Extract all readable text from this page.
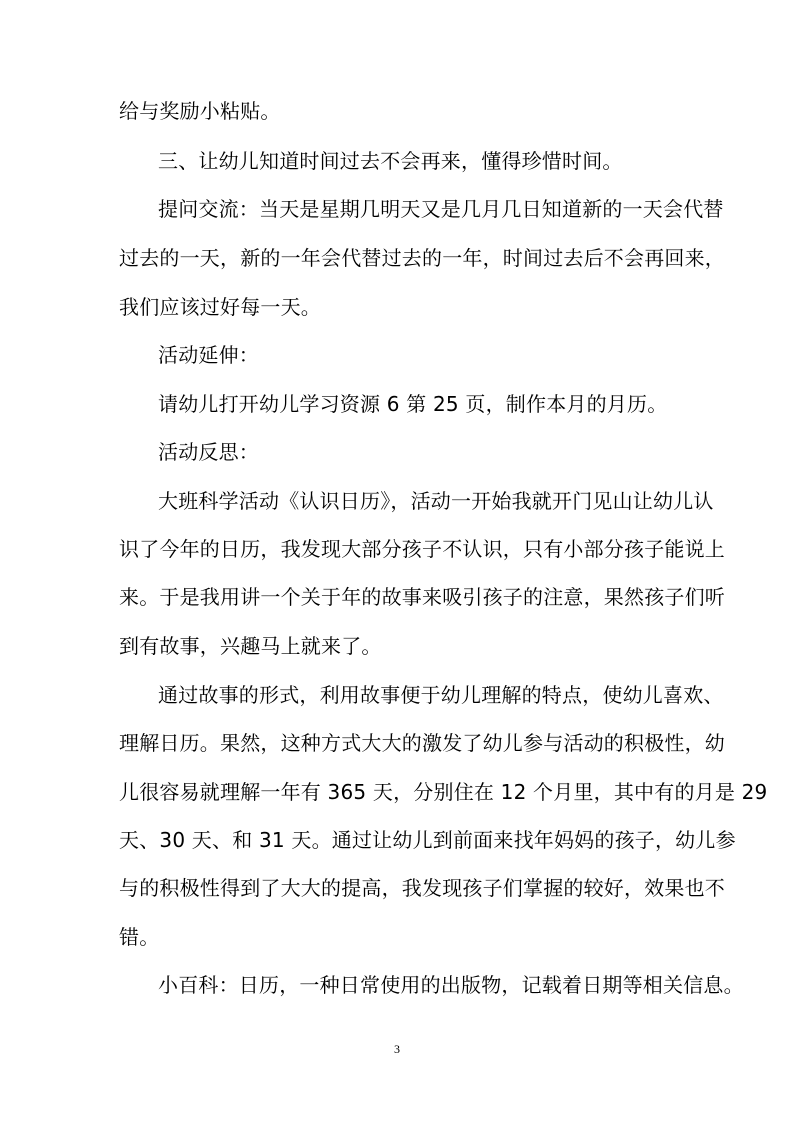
给与奖励小粘贴。
三、让幼儿知道时间过去不会再来，懂得珍惜时间。
提问交流：当天是星期几明天又是几月几日知道新的一天会代替
过去的一天，新的一年会代替过去的一年，时间过去后不会再回来，
我们应该过好每一天。
活动延伸：
请幼儿打开幼儿学习资源 6 第 25 页，制作本月的月历。
活动反思：
大班科学活动《认识日历》，活动一开始我就开门见山让幼儿认
识了今年的日历，我发现大部分孩子不认识，只有小部分孩子能说上
来。于是我用讲一个关于年的故事来吸引孩子的注意，果然孩子们听
到有故事，兴趣马上就来了。
通过故事的形式，利用故事便于幼儿理解的特点，使幼儿喜欢、
理解日历。果然，这种方式大大的激发了幼儿参与活动的积极性，幼
儿很容易就理解一年有 365 天，分别住在 12 个月里，其中有的月是 29
天、30 天、和 31 天。通过让幼儿到前面来找年妈妈的孩子，幼儿参
与的积极性得到了大大的提高，我发现孩子们掌握的较好，效果也不
错。
小百科：日历，一种日常使用的出版物，记载着日期等相关信息。
3
